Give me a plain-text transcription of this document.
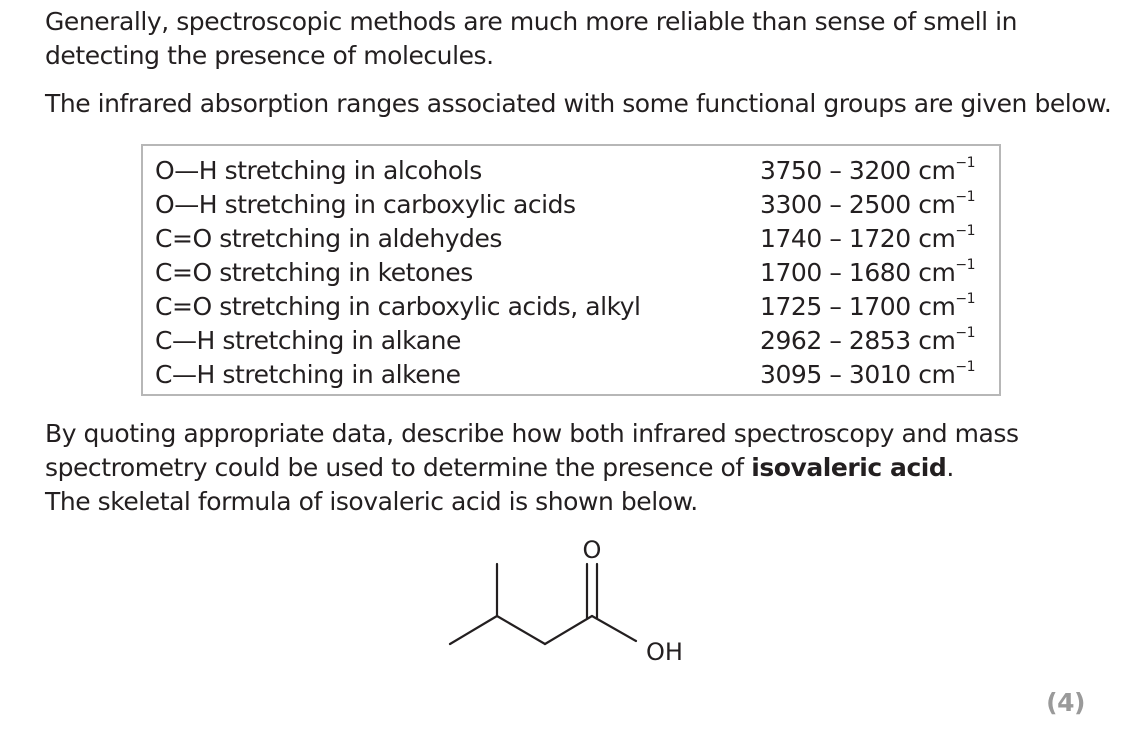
Generally, spectroscopic methods are much more reliable than sense of smell in detecting the presence of molecules.

The infrared absorption ranges associated with some functional groups are given below.

O—H stretching in alcohols	3750 – 3200 $cm^{-1}$
O—H stretching in carboxylic acids	3300 – 2500 $cm^{-1}$
C=O stretching in aldehydes	1740 – 1720 $cm^{-1}$
C=O stretching in ketones	1700 – 1680 $cm^{-1}$
C=O stretching in carboxylic acids, alkyl	1725 – 1700 $cm^{-1}$
C—H stretching in alkane	2962 – 2853 $cm^{-1}$
C—H stretching in alkene	3095 – 3010 $cm^{-1}$

By quoting appropriate data, describe how both infrared spectroscopy and mass spectrometry could be used to determine the presence of isovaleric acid.
The skeletal formula of isovaleric acid is shown below.

O
OH
(4)
